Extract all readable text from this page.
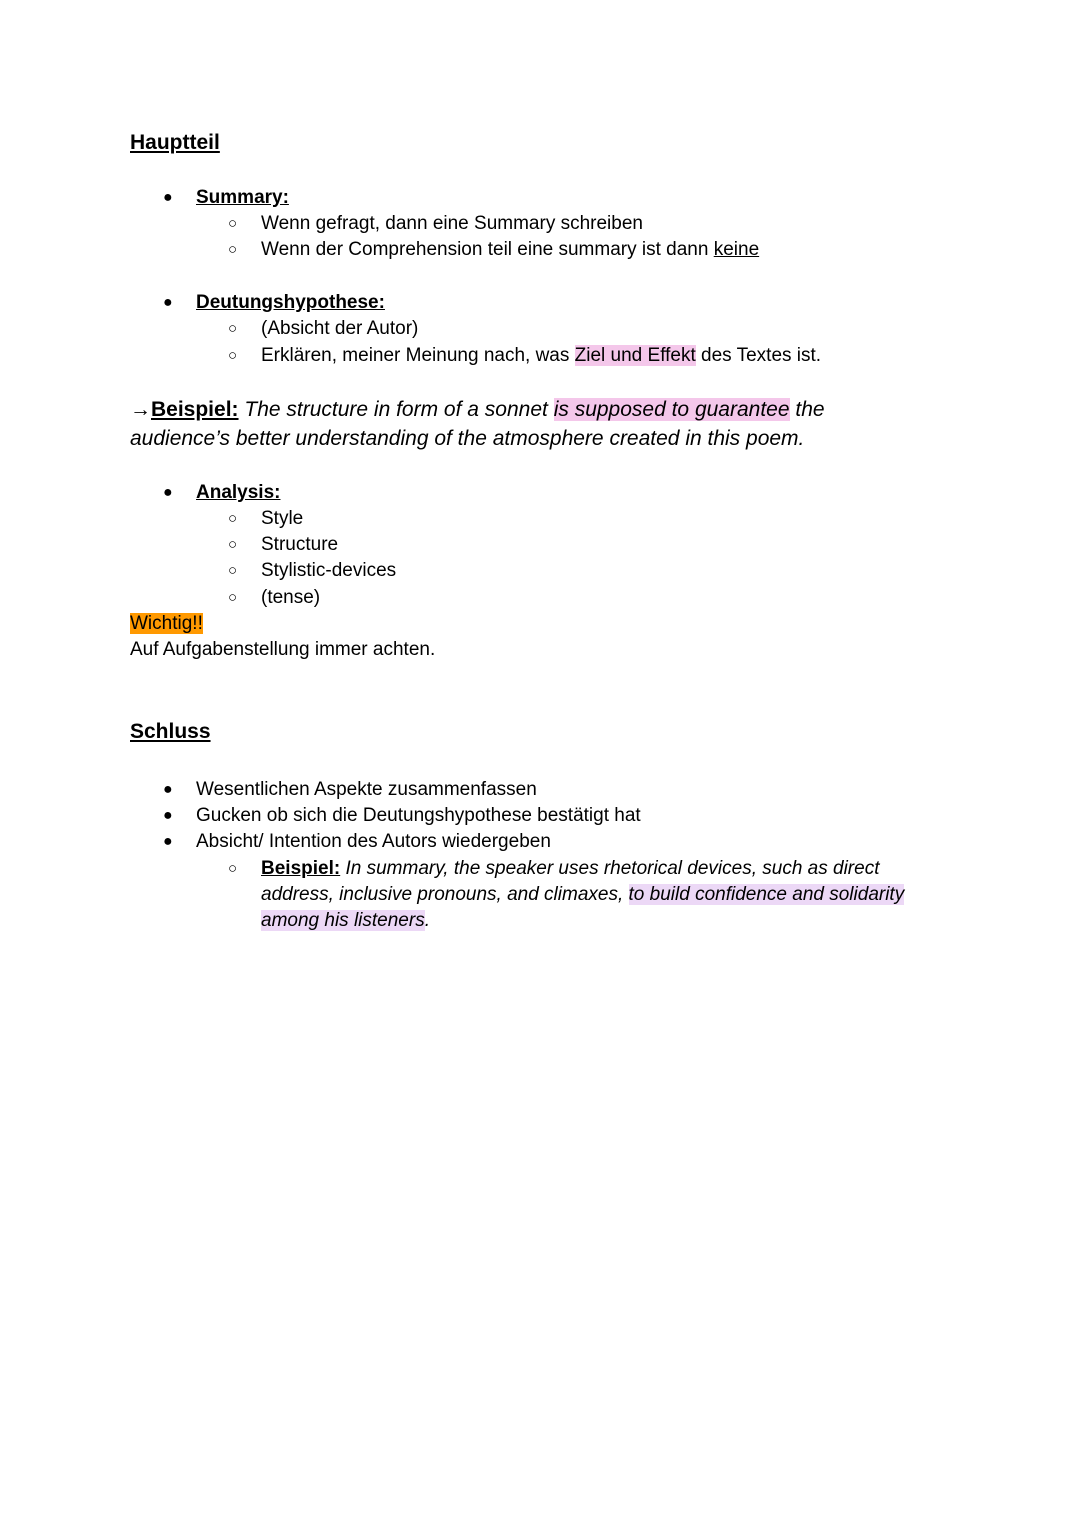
Hauptteil
● Summary:
○ Wenn gefragt, dann eine Summary schreiben
○ Wenn der Comprehension teil eine summary ist dann keine
● Deutungshypothese:
○ (Absicht der Autor)
○ Erklären, meiner Meinung nach, was Ziel und Effekt des Textes ist.
→Beispiel: The structure in form of a sonnet is supposed to guarantee the
audience’s better understanding of the atmosphere created in this poem.
● Analysis:
○ Style
○ Structure
○ Stylistic-devices
○ (tense)
Wichtig!!
Auf Aufgabenstellung immer achten.
Schluss
● Wesentlichen Aspekte zusammenfassen
● Gucken ob sich die Deutungshypothese bestätigt hat
● Absicht/ Intention des Autors wiedergeben
○ Beispiel: In summary, the speaker uses rhetorical devices, such as direct
address, inclusive pronouns, and climaxes, to build confidence and solidarity
among his listeners.
